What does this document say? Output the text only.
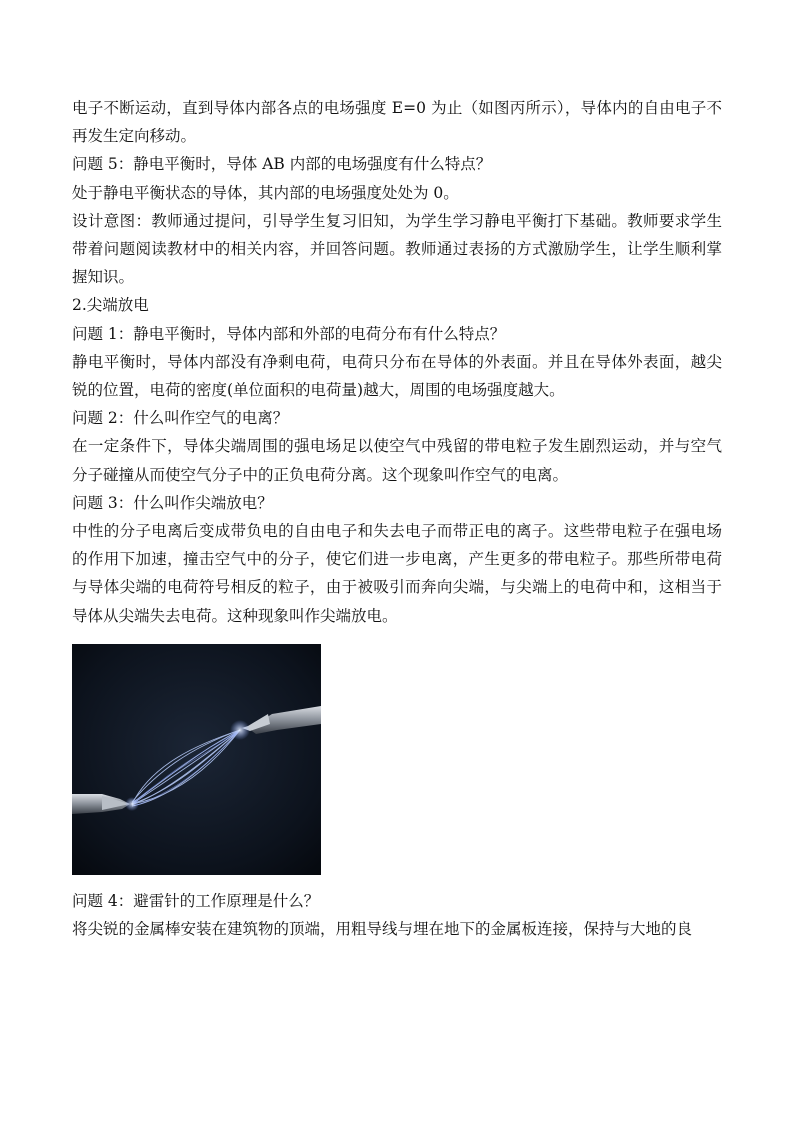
电子不断运动，直到导体内部各点的电场强度 E=0 为止（如图丙所示），导体内的自由电子不再发生定向移动。

问题 5：静电平衡时，导体 AB 内部的电场强度有什么特点？

处于静电平衡状态的导体，其内部的电场强度处处为 0。

设计意图：教师通过提问，引导学生复习旧知，为学生学习静电平衡打下基础。教师要求学生带着问题阅读教材中的相关内容，并回答问题。教师通过表扬的方式激励学生，让学生顺利掌握知识。

2.尖端放电

问题 1：静电平衡时，导体内部和外部的电荷分布有什么特点？

静电平衡时，导体内部没有净剩电荷，电荷只分布在导体的外表面。并且在导体外表面，越尖锐的位置，电荷的密度(单位面积的电荷量)越大，周围的电场强度越大。

问题 2：什么叫作空气的电离？

在一定条件下，导体尖端周围的强电场足以使空气中残留的带电粒子发生剧烈运动，并与空气分子碰撞从而使空气分子中的正负电荷分离。这个现象叫作空气的电离。

问题 3：什么叫作尖端放电？

中性的分子电离后变成带负电的自由电子和失去电子而带正电的离子。这些带电粒子在强电场的作用下加速，撞击空气中的分子，使它们进一步电离，产生更多的带电粒子。那些所带电荷与导体尖端的电荷符号相反的粒子，由于被吸引而奔向尖端，与尖端上的电荷中和，这相当于导体从尖端失去电荷。这种现象叫作尖端放电。

问题 4：避雷针的工作原理是什么？

将尖锐的金属棒安装在建筑物的顶端，用粗导线与埋在地下的金属板连接，保持与大地的良
